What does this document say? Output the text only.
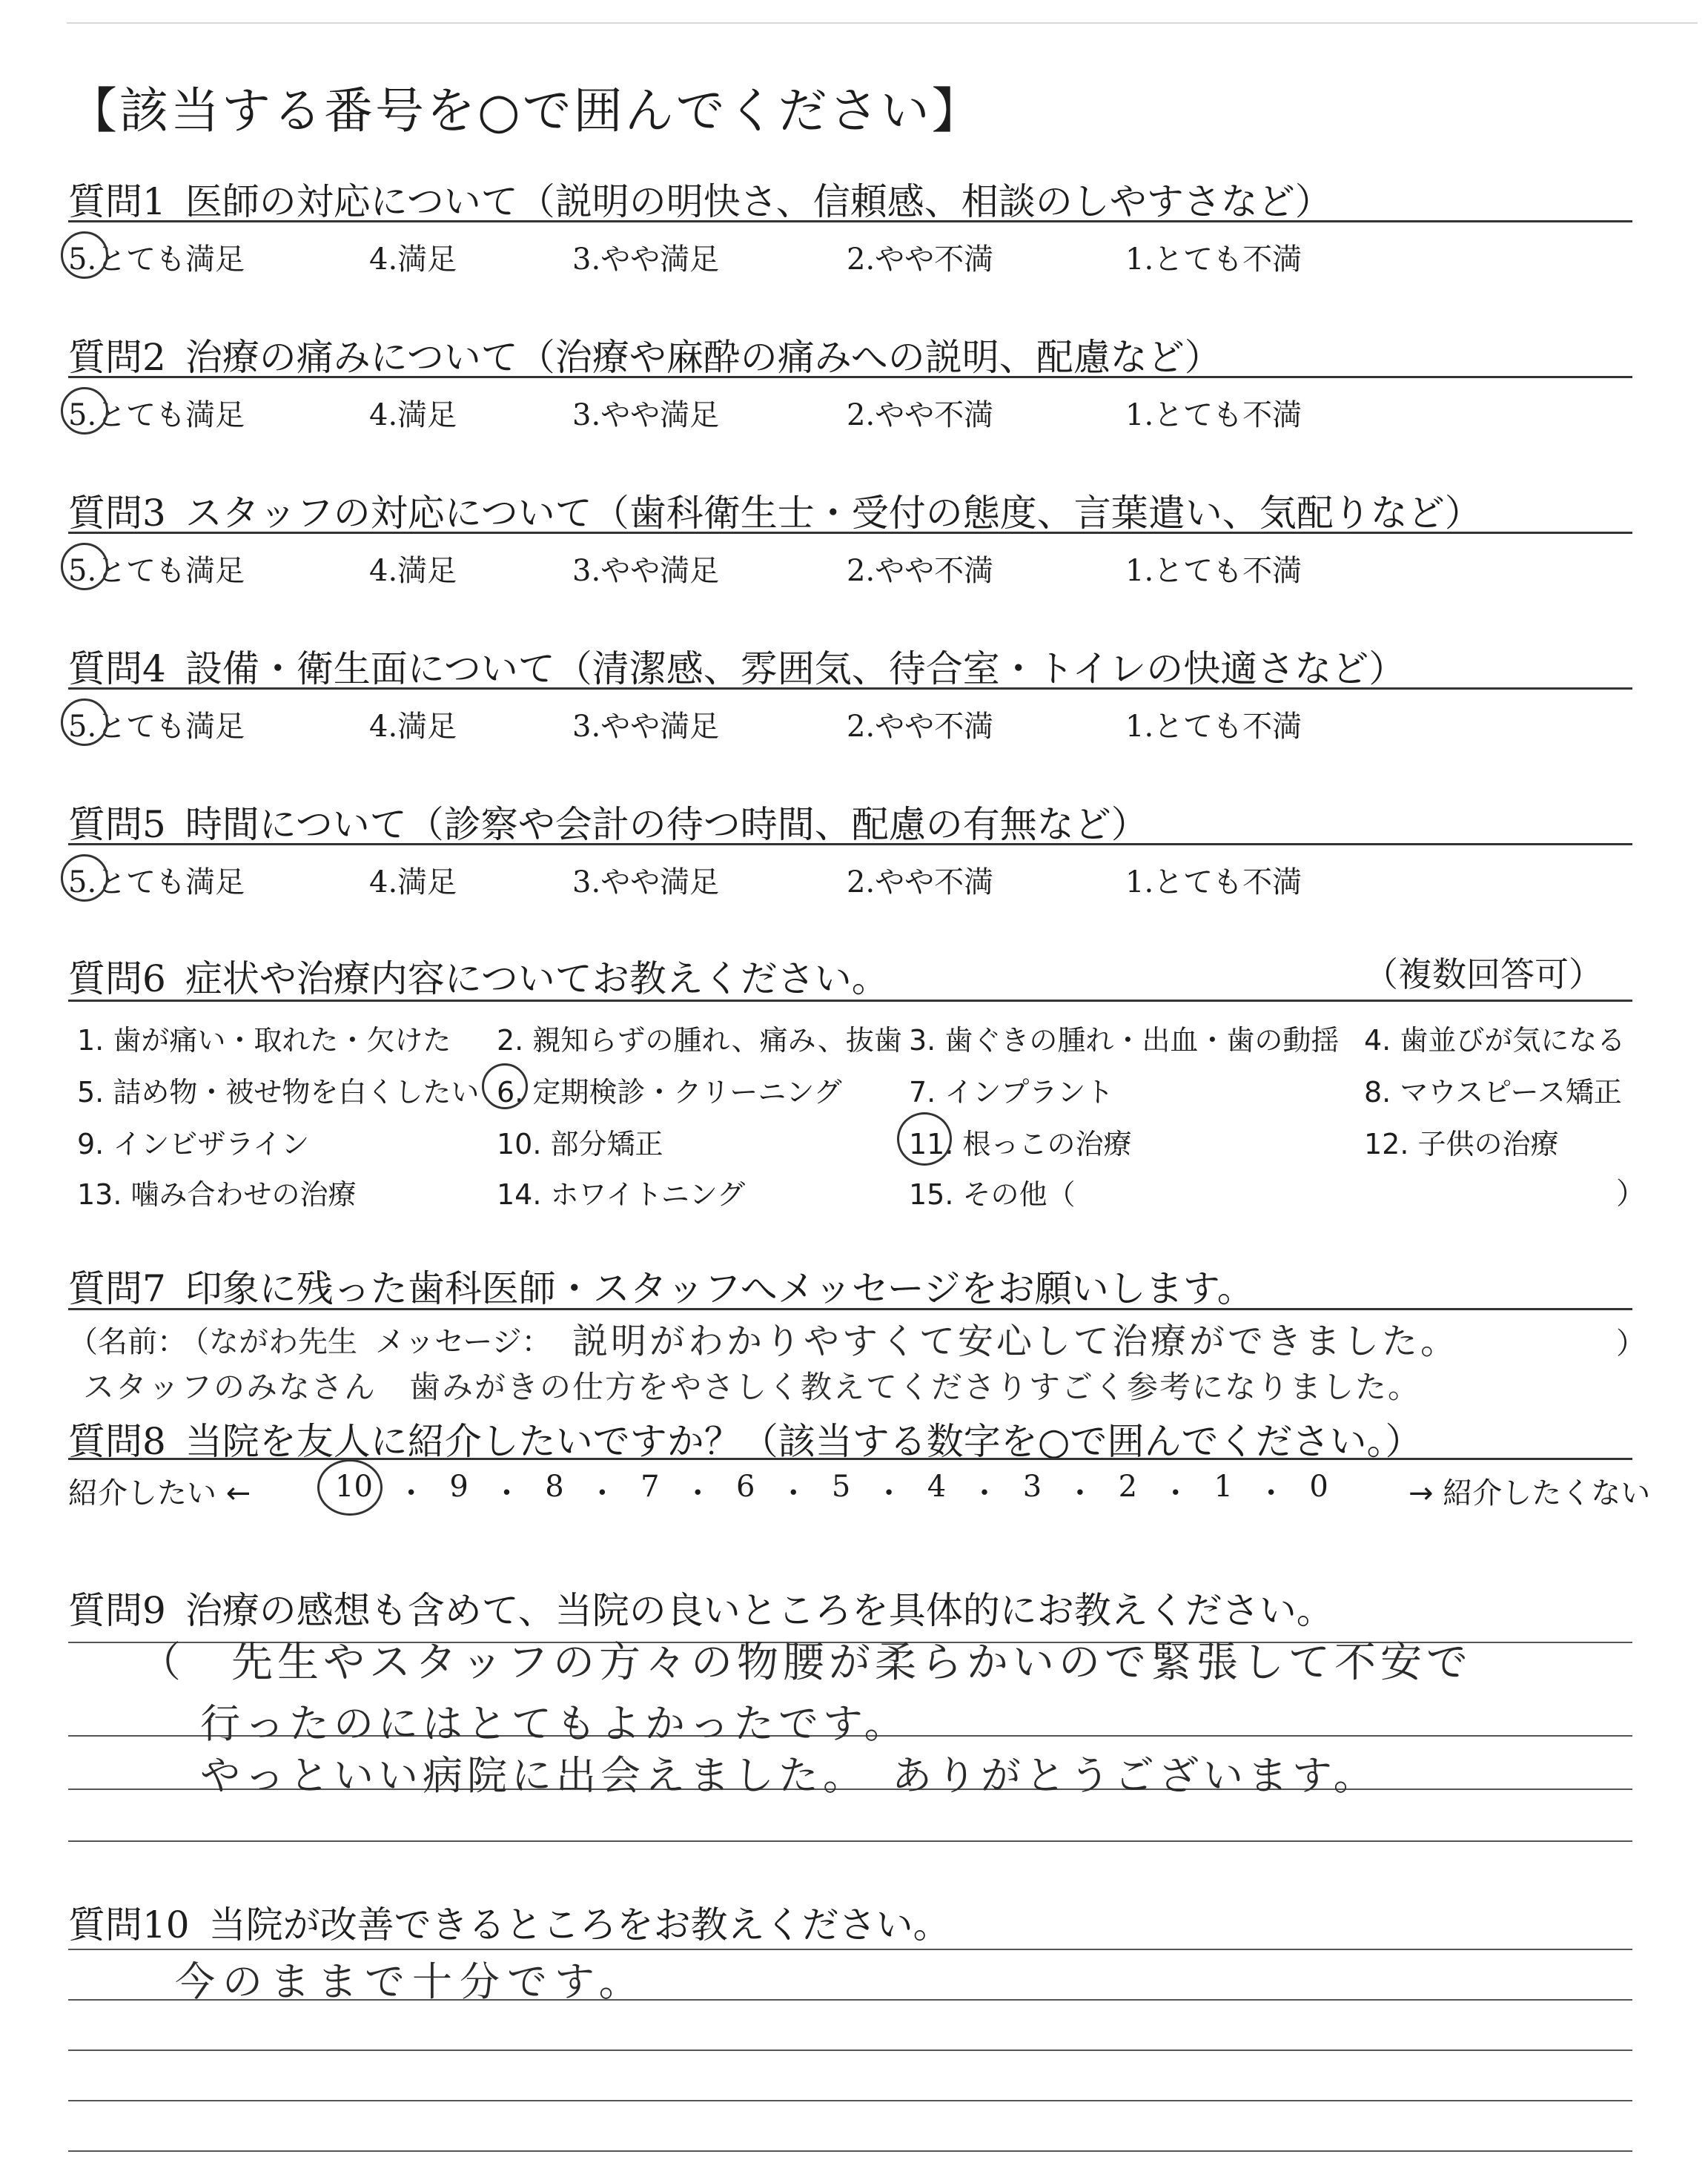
【該当する番号を○で囲んでください】
質問1 医師の対応について（説明の明快さ、信頼感、相談のしやすさなど）
5.とても満足	4.満足	3.やや満足	2.やや不満	1.とても不満
質問2 治療の痛みについて（治療や麻酔の痛みへの説明、配慮など）
5.とても満足	4.満足	3.やや満足	2.やや不満	1.とても不満
質問3 スタッフの対応について（歯科衛生士・受付の態度、言葉遣い、気配りなど）
5.とても満足	4.満足	3.やや満足	2.やや不満	1.とても不満
質問4 設備・衛生面について（清潔感、雰囲気、待合室・トイレの快適さなど）
5.とても満足	4.満足	3.やや満足	2.やや不満	1.とても不満
質問5 時間について（診察や会計の待つ時間、配慮の有無など）
5.とても満足	4.満足	3.やや満足	2.やや不満	1.とても不満
質問6 症状や治療内容についてお教えください。	（複数回答可）
1. 歯が痛い・取れた・欠けた 2. 親知らずの腫れ、痛み、抜歯 3. 歯ぐきの腫れ・出血・歯の動揺 4. 歯並びが気になる
5. 詰め物・被せ物を白くしたい 6. 定期検診・クリーニング 7. インプラント	8. マウスピース矯正
9. インビザライン	10. 部分矯正	11. 根っこの治療	12. 子供の治療
13. 噛み合わせの治療	14. ホワイトニング	15. その他（	）
質問7 印象に残った歯科医師・スタッフへメッセージをお願いします。
（名前：
（ながわ先生 メッセージ： 説明がわかりやすくて安心して治療ができました。	）
スタッフのみなさん　歯みがきの仕方をやさしく教えてくださりすごく参考になりました。
質問8 当院を友人に紹介したいですか？（該当する数字を○で囲んでください。）
紹介したい ←	10 ・ 9 ・ 8 ・ 7 ・ 6 ・ 5 ・ 4 ・ 3 ・ 2 ・ 1 ・ 0	→ 紹介したくない
質問9 治療の感想も含めて、当院の良いところを具体的にお教えください。
（　先生やスタッフの方々の物腰が柔らかいので緊張して不安で
行ったのにはとてもよかったです。
やっといい病院に出会えました。　ありがとうございます。
質問10 当院が改善できるところをお教えください。
今のままで十分です。
